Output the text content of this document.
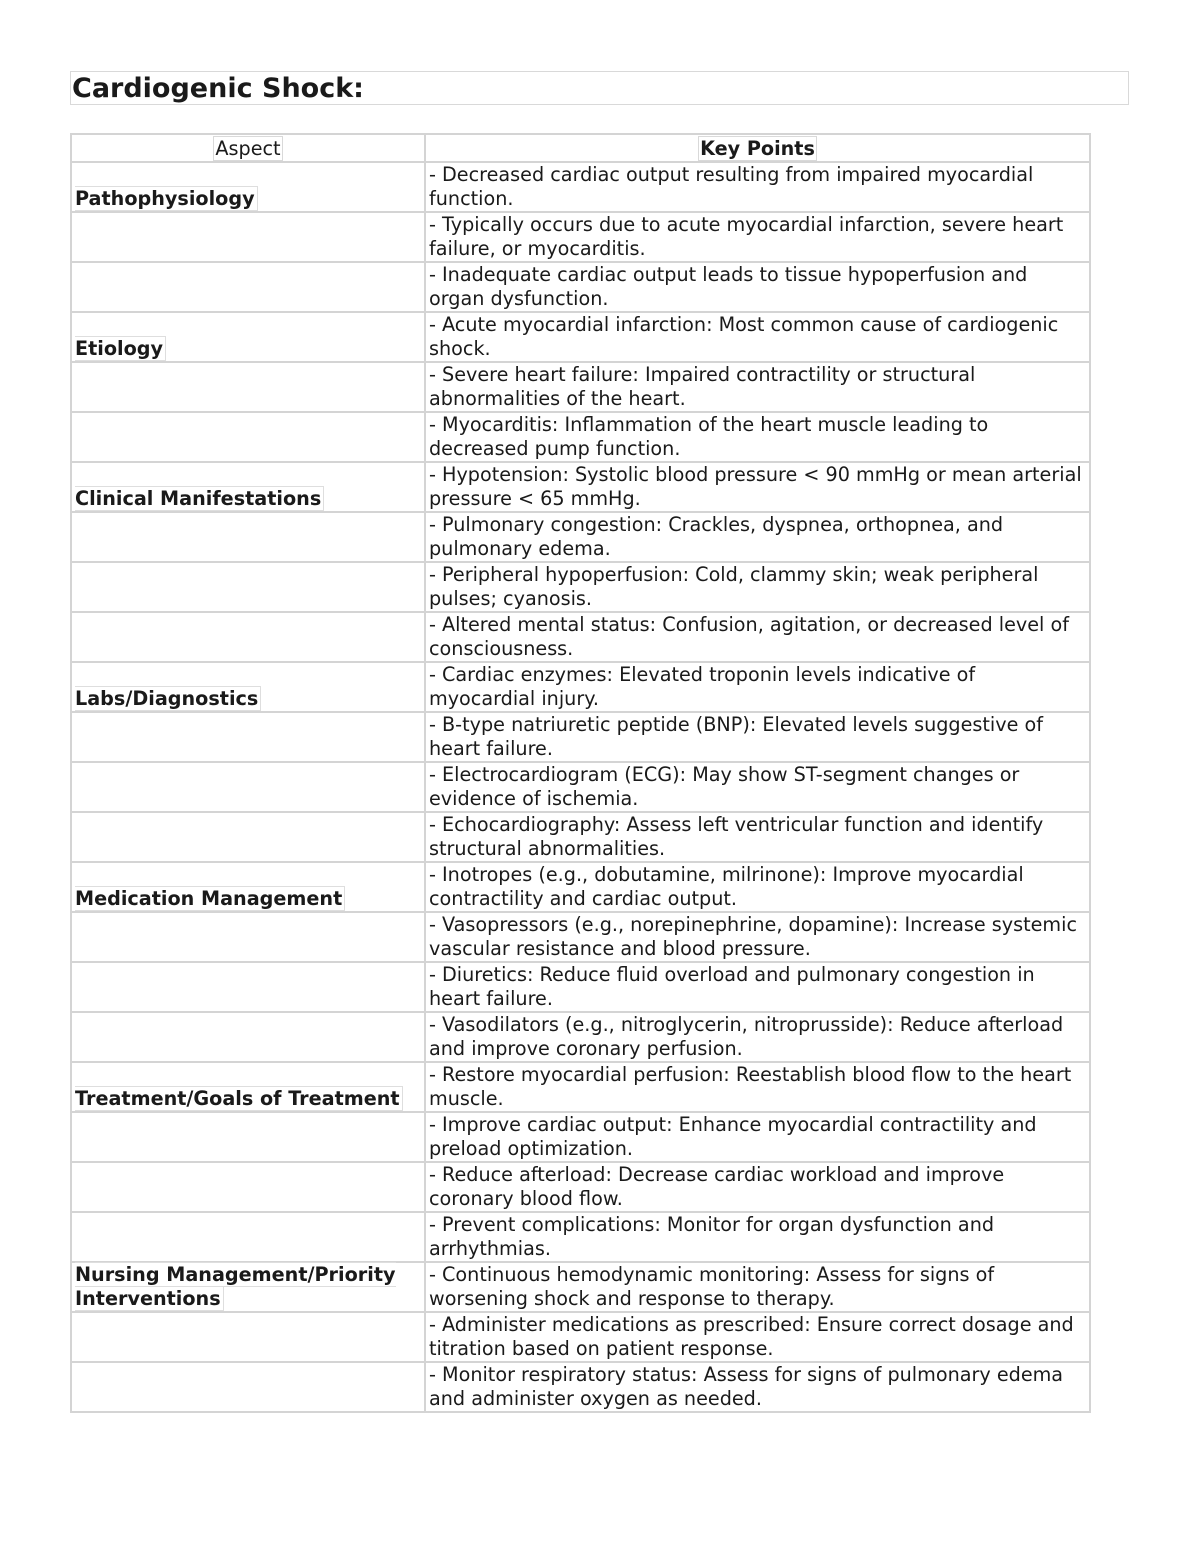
Cardiogenic Shock:
Aspect	Key Points
Pathophysiology	- Decreased cardiac output resulting from impaired myocardial function.
	- Typically occurs due to acute myocardial infarction, severe heart failure, or myocarditis.
	- Inadequate cardiac output leads to tissue hypoperfusion and organ dysfunction.
Etiology	- Acute myocardial infarction: Most common cause of cardiogenic shock.
	- Severe heart failure: Impaired contractility or structural abnormalities of the heart.
	- Myocarditis: Inflammation of the heart muscle leading to decreased pump function.
Clinical Manifestations	- Hypotension: Systolic blood pressure < 90 mmHg or mean arterial pressure < 65 mmHg.
	- Pulmonary congestion: Crackles, dyspnea, orthopnea, and pulmonary edema.
	- Peripheral hypoperfusion: Cold, clammy skin; weak peripheral pulses; cyanosis.
	- Altered mental status: Confusion, agitation, or decreased level of consciousness.
Labs/Diagnostics	- Cardiac enzymes: Elevated troponin levels indicative of myocardial injury.
	- B-type natriuretic peptide (BNP): Elevated levels suggestive of heart failure.
	- Electrocardiogram (ECG): May show ST-segment changes or evidence of ischemia.
	- Echocardiography: Assess left ventricular function and identify structural abnormalities.
Medication Management	- Inotropes (e.g., dobutamine, milrinone): Improve myocardial contractility and cardiac output.
	- Vasopressors (e.g., norepinephrine, dopamine): Increase systemic vascular resistance and blood pressure.
	- Diuretics: Reduce fluid overload and pulmonary congestion in heart failure.
	- Vasodilators (e.g., nitroglycerin, nitroprusside): Reduce afterload and improve coronary perfusion.
Treatment/Goals of Treatment	- Restore myocardial perfusion: Reestablish blood flow to the heart muscle.
	- Improve cardiac output: Enhance myocardial contractility and preload optimization.
	- Reduce afterload: Decrease cardiac workload and improve coronary blood flow.
	- Prevent complications: Monitor for organ dysfunction and arrhythmias.
Nursing Management/Priority Interventions	- Continuous hemodynamic monitoring: Assess for signs of worsening shock and response to therapy.
	- Administer medications as prescribed: Ensure correct dosage and titration based on patient response.
	- Monitor respiratory status: Assess for signs of pulmonary edema and administer oxygen as needed.
